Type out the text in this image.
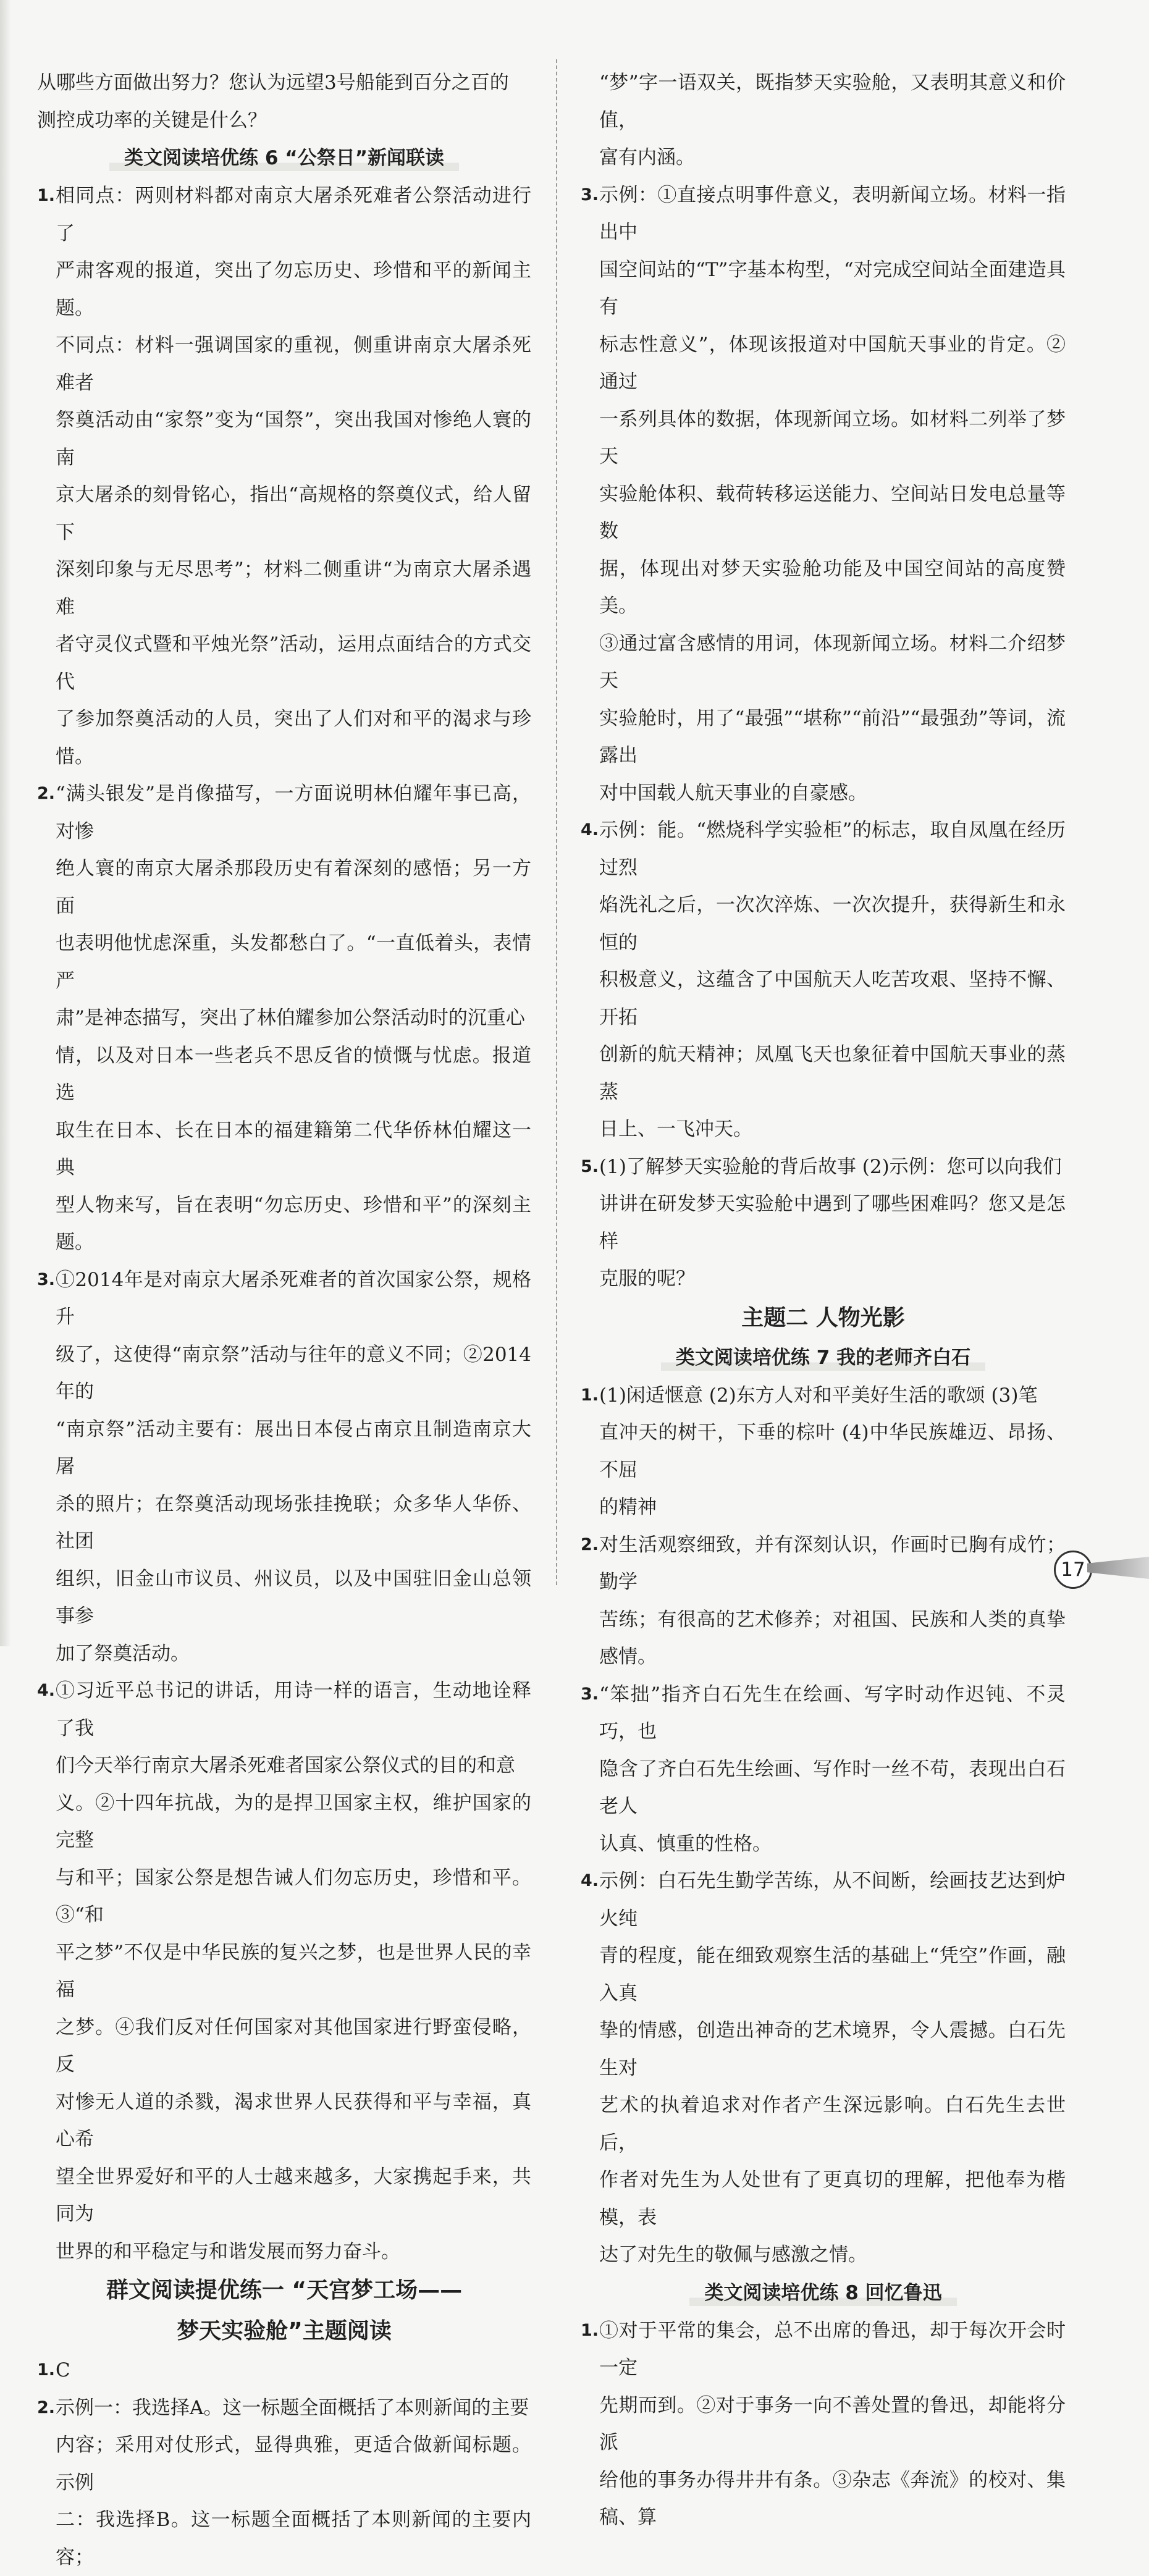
从哪些方面做出努力？您认为远望3号船能到百分之百的

测控成功率的关键是什么？

类文阅读培优练 6 “公祭日”新闻联读

1. 相同点：两则材料都对南京大屠杀死难者公祭活动进行了

严肃客观的报道，突出了勿忘历史、珍惜和平的新闻主题。

不同点：材料一强调国家的重视，侧重讲南京大屠杀死难者

祭奠活动由“家祭”变为“国祭”，突出我国对惨绝人寰的南

京大屠杀的刻骨铭心，指出“高规格的祭奠仪式，给人留下

深刻印象与无尽思考”；材料二侧重讲“为南京大屠杀遇难

者守灵仪式暨和平烛光祭”活动，运用点面结合的方式交代

了参加祭奠活动的人员，突出了人们对和平的渴求与珍惜。

2. “满头银发”是肖像描写，一方面说明林伯耀年事已高，对惨

绝人寰的南京大屠杀那段历史有着深刻的感悟；另一方面

也表明他忧虑深重，头发都愁白了。“一直低着头，表情严

肃”是神态描写，突出了林伯耀参加公祭活动时的沉重心

情，以及对日本一些老兵不思反省的愤慨与忧虑。报道选

取生在日本、长在日本的福建籍第二代华侨林伯耀这一典

型人物来写，旨在表明“勿忘历史、珍惜和平”的深刻主题。

3. ①2014年是对南京大屠杀死难者的首次国家公祭，规格升

级了，这使得“南京祭”活动与往年的意义不同；②2014年的

“南京祭”活动主要有：展出日本侵占南京且制造南京大屠

杀的照片；在祭奠活动现场张挂挽联；众多华人华侨、社团

组织，旧金山市议员、州议员，以及中国驻旧金山总领事参

加了祭奠活动。

4. ①习近平总书记的讲话，用诗一样的语言，生动地诠释了我

们今天举行南京大屠杀死难者国家公祭仪式的目的和意

义。②十四年抗战，为的是捍卫国家主权，维护国家的完整

与和平；国家公祭是想告诫人们勿忘历史，珍惜和平。③“和

平之梦”不仅是中华民族的复兴之梦，也是世界人民的幸福

之梦。④我们反对任何国家对其他国家进行野蛮侵略，反

对惨无人道的杀戮，渴求世界人民获得和平与幸福，真心希

望全世界爱好和平的人士越来越多，大家携起手来，共同为

世界的和平稳定与和谐发展而努力奋斗。

群文阅读提优练一 “天宫梦工场——

梦天实验舱”主题阅读

1. C

2. 示例一：我选择A。这一标题全面概括了本则新闻的主要

内容；采用对仗形式，显得典雅，更适合做新闻标题。示例

二：我选择B。这一标题全面概括了本则新闻的主要内容；

“梦”字一语双关，既指梦天实验舱，又表明其意义和价值，

富有内涵。

3. 示例：①直接点明事件意义，表明新闻立场。材料一指出中

国空间站的“T”字基本构型，“对完成空间站全面建造具有

标志性意义”，体现该报道对中国航天事业的肯定。②通过

一系列具体的数据，体现新闻立场。如材料二列举了梦天

实验舱体积、载荷转移运送能力、空间站日发电总量等数

据，体现出对梦天实验舱功能及中国空间站的高度赞美。

③通过富含感情的用词，体现新闻立场。材料二介绍梦天

实验舱时，用了“最强”“堪称”“前沿”“最强劲”等词，流露出

对中国载人航天事业的自豪感。

4. 示例：能。“燃烧科学实验柜”的标志，取自凤凰在经历过烈

焰洗礼之后，一次次淬炼、一次次提升，获得新生和永恒的

积极意义，这蕴含了中国航天人吃苦攻艰、坚持不懈、开拓

创新的航天精神；凤凰飞天也象征着中国航天事业的蒸蒸

日上、一飞冲天。

5. (1)了解梦天实验舱的背后故事 (2)示例：您可以向我们

讲讲在研发梦天实验舱中遇到了哪些困难吗？您又是怎样

克服的呢？

主题二 人物光影

类文阅读培优练 7 我的老师齐白石

1. (1)闲适惬意 (2)东方人对和平美好生活的歌颂 (3)笔

直冲天的树干，下垂的棕叶 (4)中华民族雄迈、昂扬、不屈

的精神

2. 对生活观察细致，并有深刻认识，作画时已胸有成竹；勤学

苦练；有很高的艺术修养；对祖国、民族和人类的真挚感情。

3. “笨拙”指齐白石先生在绘画、写字时动作迟钝、不灵巧，也

隐含了齐白石先生绘画、写作时一丝不苟，表现出白石老人

认真、慎重的性格。

4. 示例：白石先生勤学苦练，从不间断，绘画技艺达到炉火纯

青的程度，能在细致观察生活的基础上“凭空”作画，融入真

挚的情感，创造出神奇的艺术境界，令人震撼。白石先生对

艺术的执着追求对作者产生深远影响。白石先生去世后，

作者对先生为人处世有了更真切的理解，把他奉为楷模，表

达了对先生的敬佩与感激之情。

类文阅读培优练 8 回忆鲁迅

1. ①对于平常的集会，总不出席的鲁迅，却于每次开会时一定

先期而到。②对于事务一向不善处置的鲁迅，却能将分派

给他的事务办得井井有条。③杂志《奔流》的校对、集稿、算

17
